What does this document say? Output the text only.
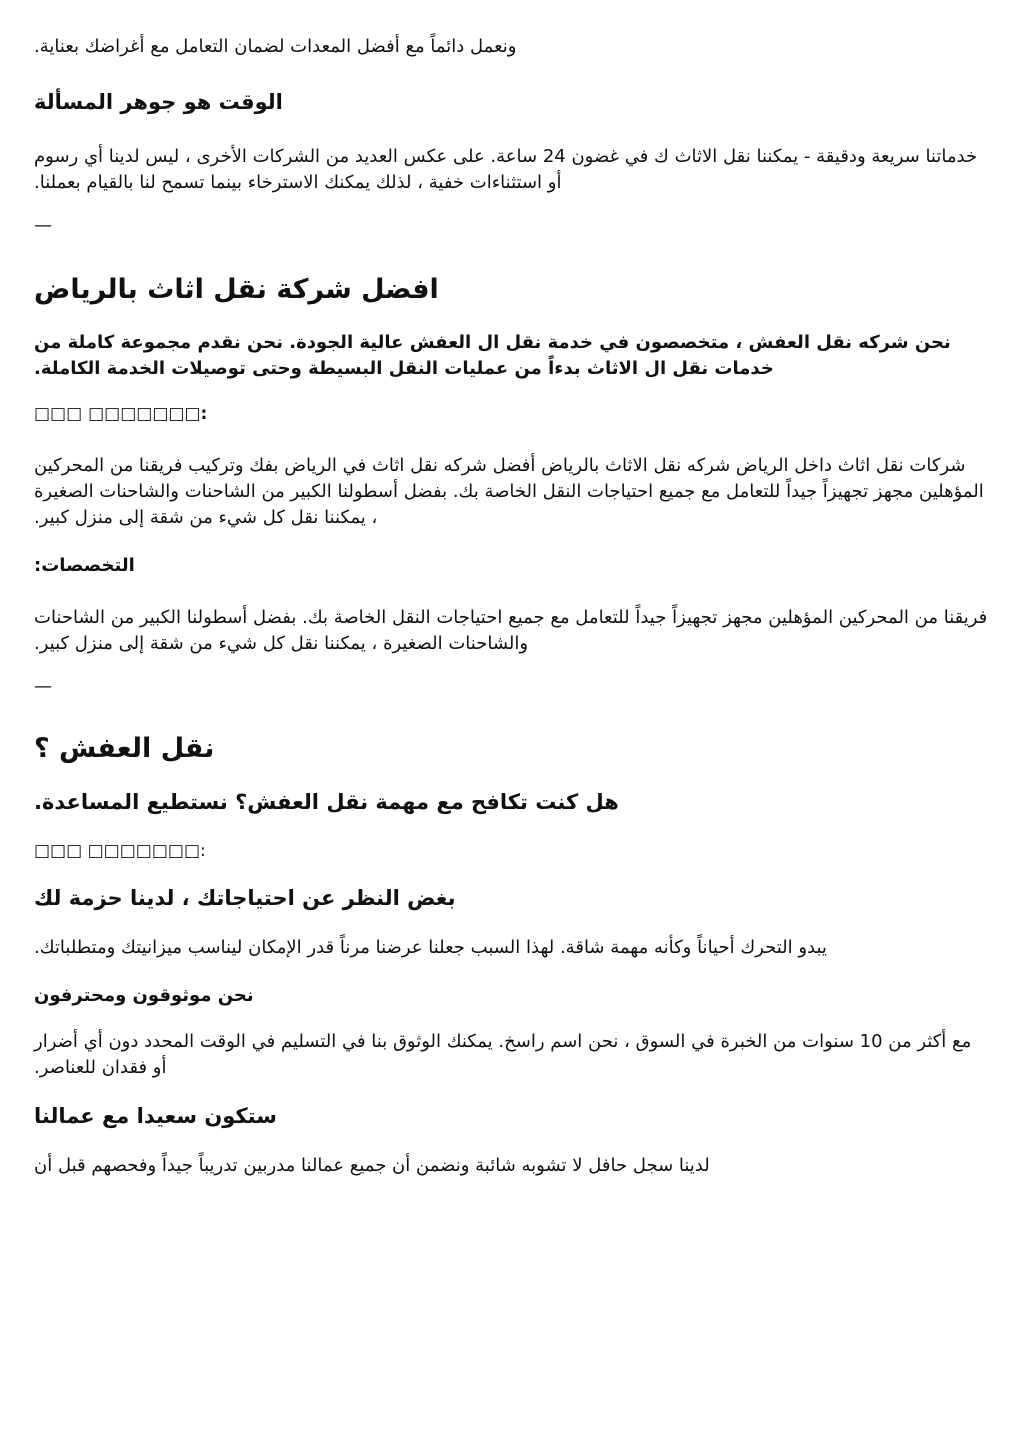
ونعمل دائماً مع أفضل المعدات لضمان التعامل مع أغراضك بعناية.

الوقت هو جوهر المسألة

خدماتنا سريعة ودقيقة - يمكننا نقل الاثاث ك في غضون 24 ساعة. على عكس العديد من الشركات الأخرى ، ليس لدينا أي رسوم أو استثناءات خفية ، لذلك يمكنك الاسترخاء بينما تسمح لنا بالقيام بعملنا.

—
افضل شركة نقل اثاث بالرياض

نحن شركه نقل العفش ، متخصصون في خدمة نقل ال العفش عالية الجودة. نحن نقدم مجموعة كاملة من خدمات نقل ال الاثاث بدءاً من عمليات النقل البسيطة وحتى توصيلات الخدمة الكاملة.

□□□ □□□□□□□:

شركات نقل اثاث داخل الرياض شركه نقل الاثاث بالرياض أفضل شركه نقل اثاث في الرياض بفك وتركيب فريقنا من المحركين المؤهلين مجهز تجهيزاً جيداً للتعامل مع جميع احتياجات النقل الخاصة بك. بفضل أسطولنا الكبير من الشاحنات والشاحنات الصغيرة ، يمكننا نقل كل شيء من شقة إلى منزل كبير.

التخصصات:

فريقنا من المحركين المؤهلين مجهز تجهيزاً جيداً للتعامل مع جميع احتياجات النقل الخاصة بك. بفضل أسطولنا الكبير من الشاحنات والشاحنات الصغيرة ، يمكننا نقل كل شيء من شقة إلى منزل كبير.

—
نقل العفش ؟
هل كنت تكافح مع مهمة نقل العفش؟ نستطيع المساعدة.
□□□ □□□□□□□:
بغض النظر عن احتياجاتك ، لدينا حزمة لك

يبدو التحرك أحياناً وكأنه مهمة شاقة. لهذا السبب جعلنا عرضنا مرناً قدر الإمكان ليناسب ميزانيتك ومتطلباتك.

نحن موثوقون ومحترفون

مع أكثر من 10 سنوات من الخبرة في السوق ، نحن اسم راسخ. يمكنك الوثوق بنا في التسليم في الوقت المحدد دون أي أضرار أو فقدان للعناصر.

ستكون سعيدا مع عمالنا

لدينا سجل حافل لا تشوبه شائبة ونضمن أن جميع عمالنا مدربين تدريباً جيداً وفحصهم قبل أن
